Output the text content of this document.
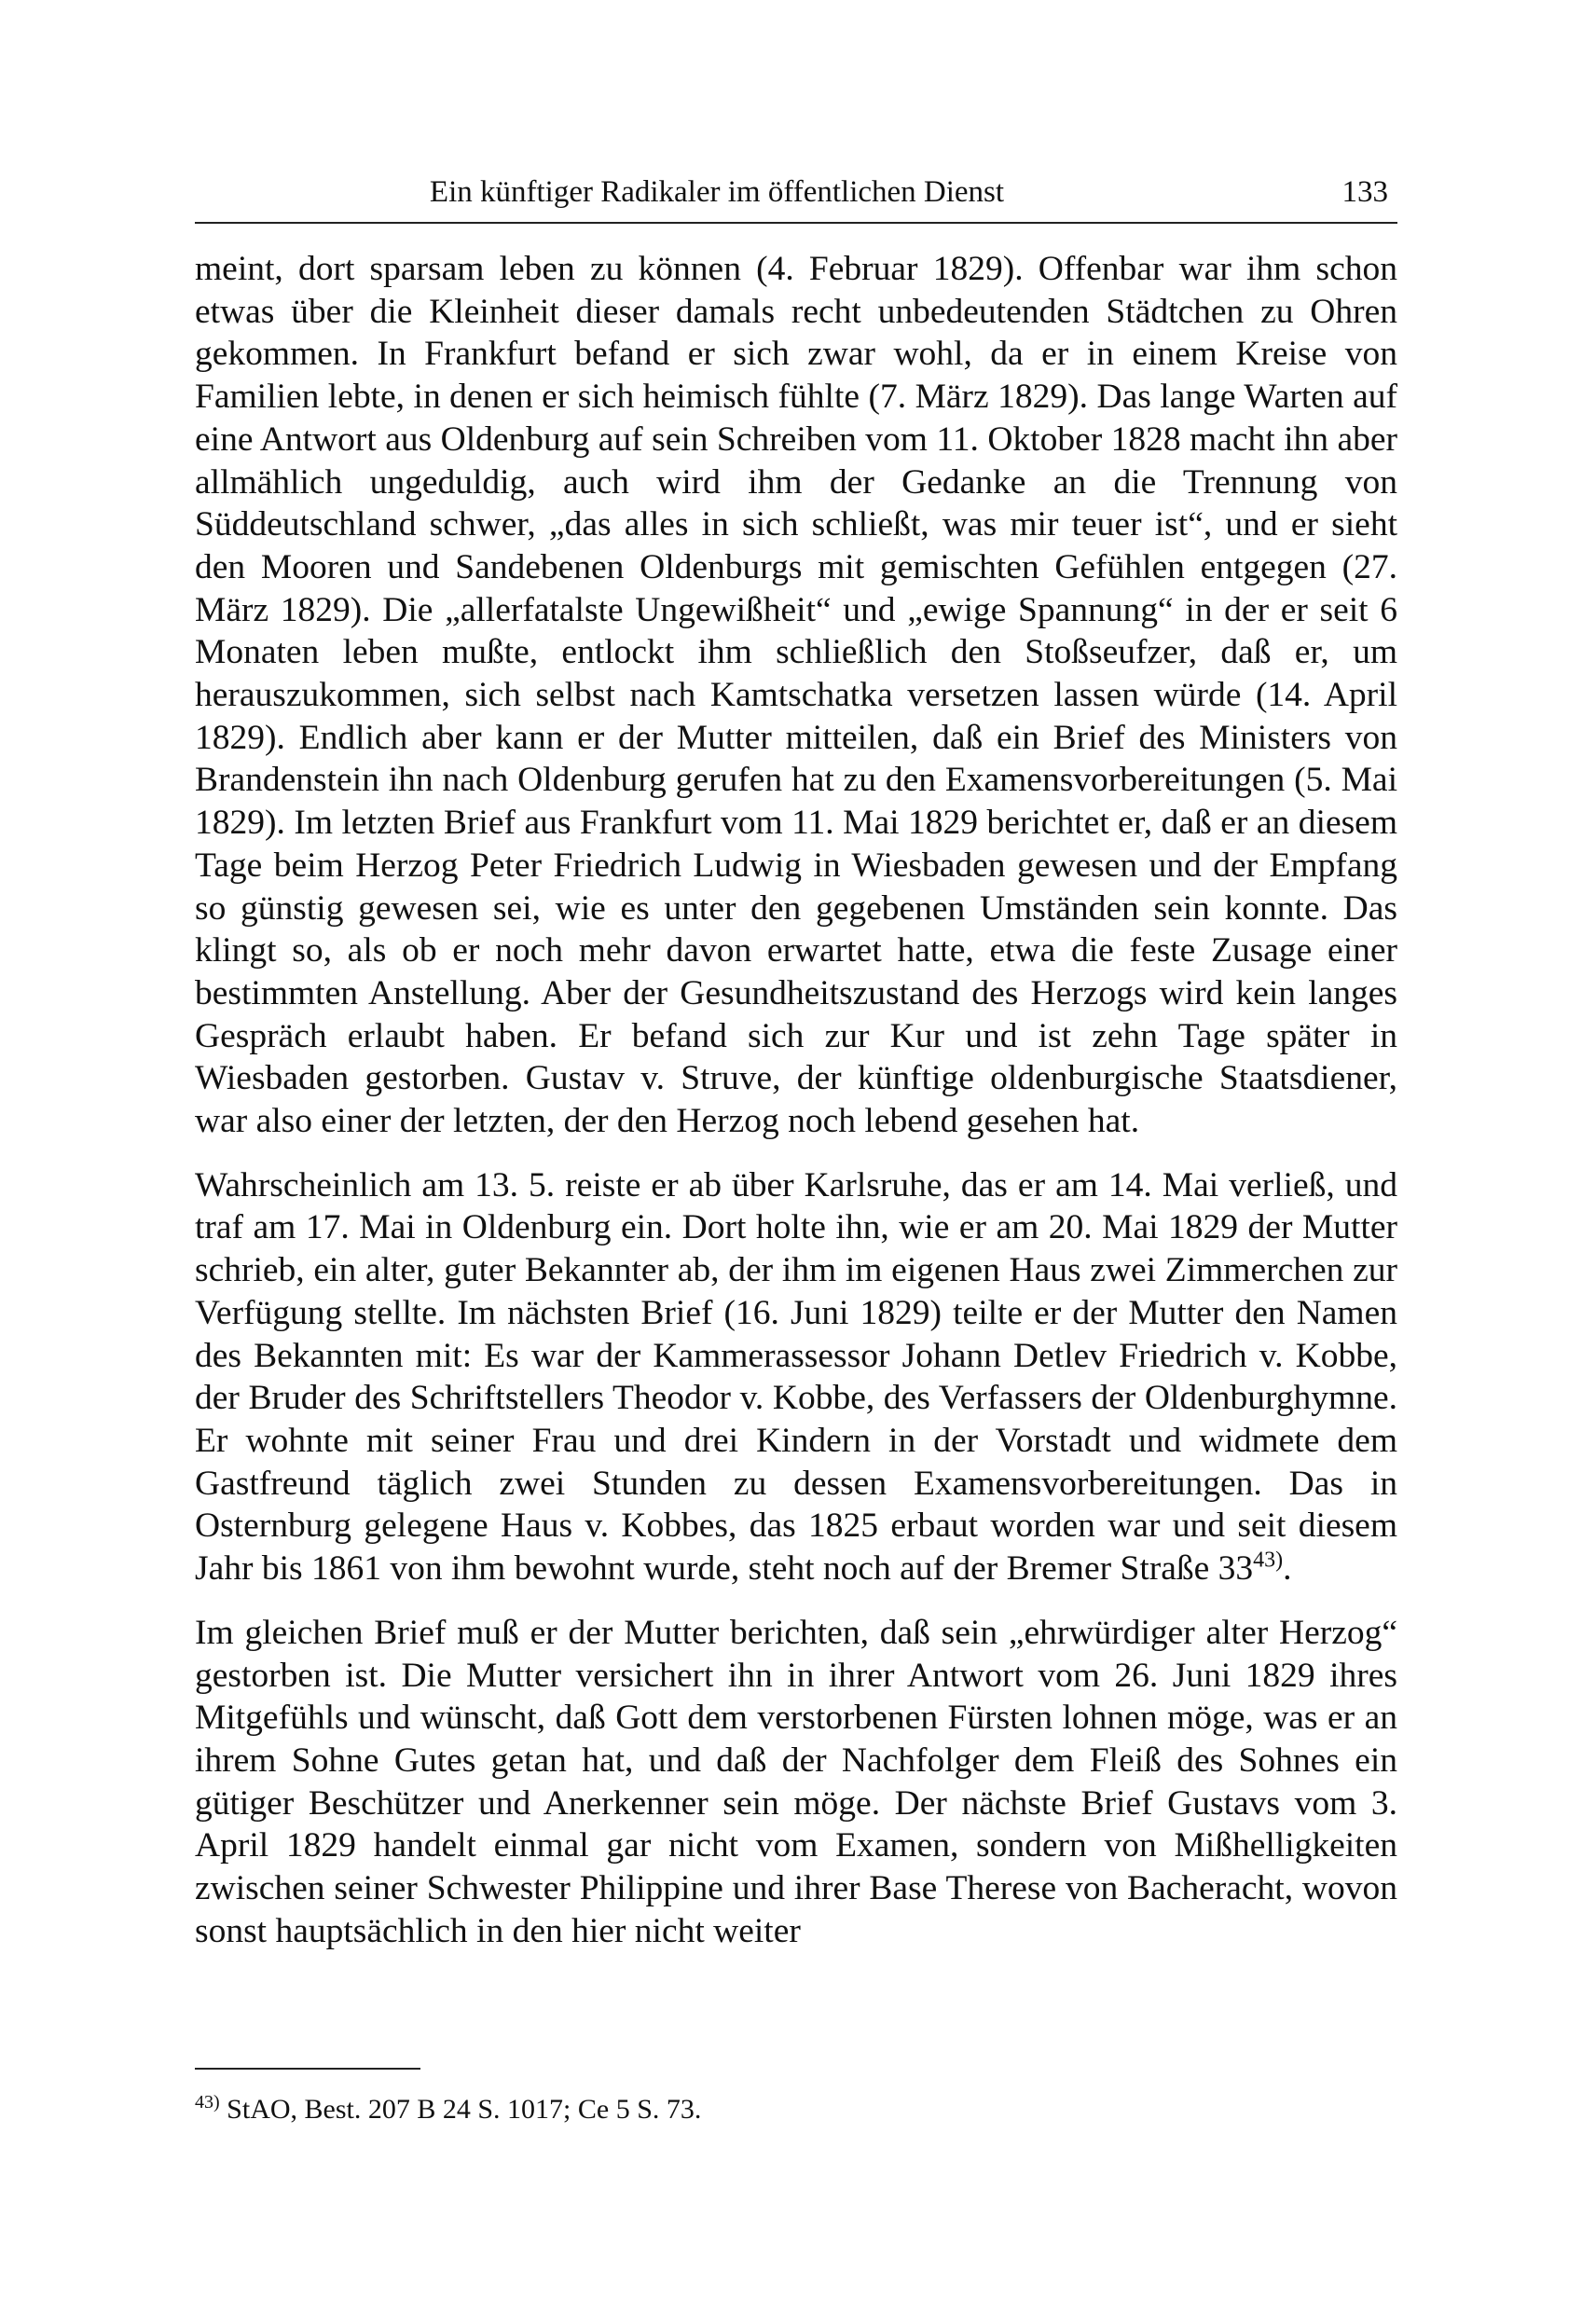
Ein künftiger Radikaler im öffentlichen Dienst	133

meint, dort sparsam leben zu können (4. Februar 1829). Offenbar war ihm schon etwas über die Kleinheit dieser damals recht unbedeutenden Städtchen zu Ohren gekommen. In Frankfurt befand er sich zwar wohl, da er in einem Kreise von Familien lebte, in denen er sich heimisch fühlte (7. März 1829). Das lange Warten auf eine Antwort aus Oldenburg auf sein Schreiben vom 11. Oktober 1828 macht ihn aber allmählich ungeduldig, auch wird ihm der Gedanke an die Trennung von Süddeutschland schwer, „das alles in sich schließt, was mir teuer ist“, und er sieht den Mooren und Sandebenen Oldenburgs mit gemischten Gefühlen entgegen (27. März 1829). Die „allerfatalste Ungewißheit“ und „ewige Spannung“ in der er seit 6 Monaten leben mußte, entlockt ihm schließlich den Stoßseufzer, daß er, um herauszukommen, sich selbst nach Kamtschatka versetzen lassen würde (14. April 1829). Endlich aber kann er der Mutter mitteilen, daß ein Brief des Ministers von Brandenstein ihn nach Oldenburg gerufen hat zu den Examensvorbereitungen (5. Mai 1829). Im letzten Brief aus Frankfurt vom 11. Mai 1829 berichtet er, daß er an diesem Tage beim Herzog Peter Friedrich Ludwig in Wiesbaden gewesen und der Empfang so günstig gewesen sei, wie es unter den gegebenen Umständen sein konnte. Das klingt so, als ob er noch mehr davon erwartet hatte, etwa die feste Zusage einer bestimmten Anstellung. Aber der Gesundheitszustand des Herzogs wird kein langes Gespräch erlaubt haben. Er befand sich zur Kur und ist zehn Tage später in Wiesbaden gestorben. Gustav v. Struve, der künftige oldenburgische Staatsdiener, war also einer der letzten, der den Herzog noch lebend gesehen hat.

Wahrscheinlich am 13. 5. reiste er ab über Karlsruhe, das er am 14. Mai verließ, und traf am 17. Mai in Oldenburg ein. Dort holte ihn, wie er am 20. Mai 1829 der Mutter schrieb, ein alter, guter Bekannter ab, der ihm im eigenen Haus zwei Zimmerchen zur Verfügung stellte. Im nächsten Brief (16. Juni 1829) teilte er der Mutter den Namen des Bekannten mit: Es war der Kammerassessor Johann Detlev Friedrich v. Kobbe, der Bruder des Schriftstellers Theodor v. Kobbe, des Verfassers der Oldenburghymne. Er wohnte mit seiner Frau und drei Kindern in der Vorstadt und widmete dem Gastfreund täglich zwei Stunden zu dessen Examensvorbereitungen. Das in Osternburg gelegene Haus v. Kobbes, das 1825 erbaut worden war und seit diesem Jahr bis 1861 von ihm bewohnt wurde, steht noch auf der Bremer Straße 33$^{43)}$.

Im gleichen Brief muß er der Mutter berichten, daß sein „ehrwürdiger alter Herzog“ gestorben ist. Die Mutter versichert ihn in ihrer Antwort vom 26. Juni 1829 ihres Mitgefühls und wünscht, daß Gott dem verstorbenen Fürsten lohnen möge, was er an ihrem Sohne Gutes getan hat, und daß der Nachfolger dem Fleiß des Sohnes ein gütiger Beschützer und Anerkenner sein möge. Der nächste Brief Gustavs vom 3. April 1829 handelt einmal gar nicht vom Examen, sondern von Mißhelligkeiten zwischen seiner Schwester Philippine und ihrer Base Therese von Bacheracht, wovon sonst hauptsächlich in den hier nicht weiter

$^{43)}$ StAO, Best. 207 B 24 S. 1017; Ce 5 S. 73.
